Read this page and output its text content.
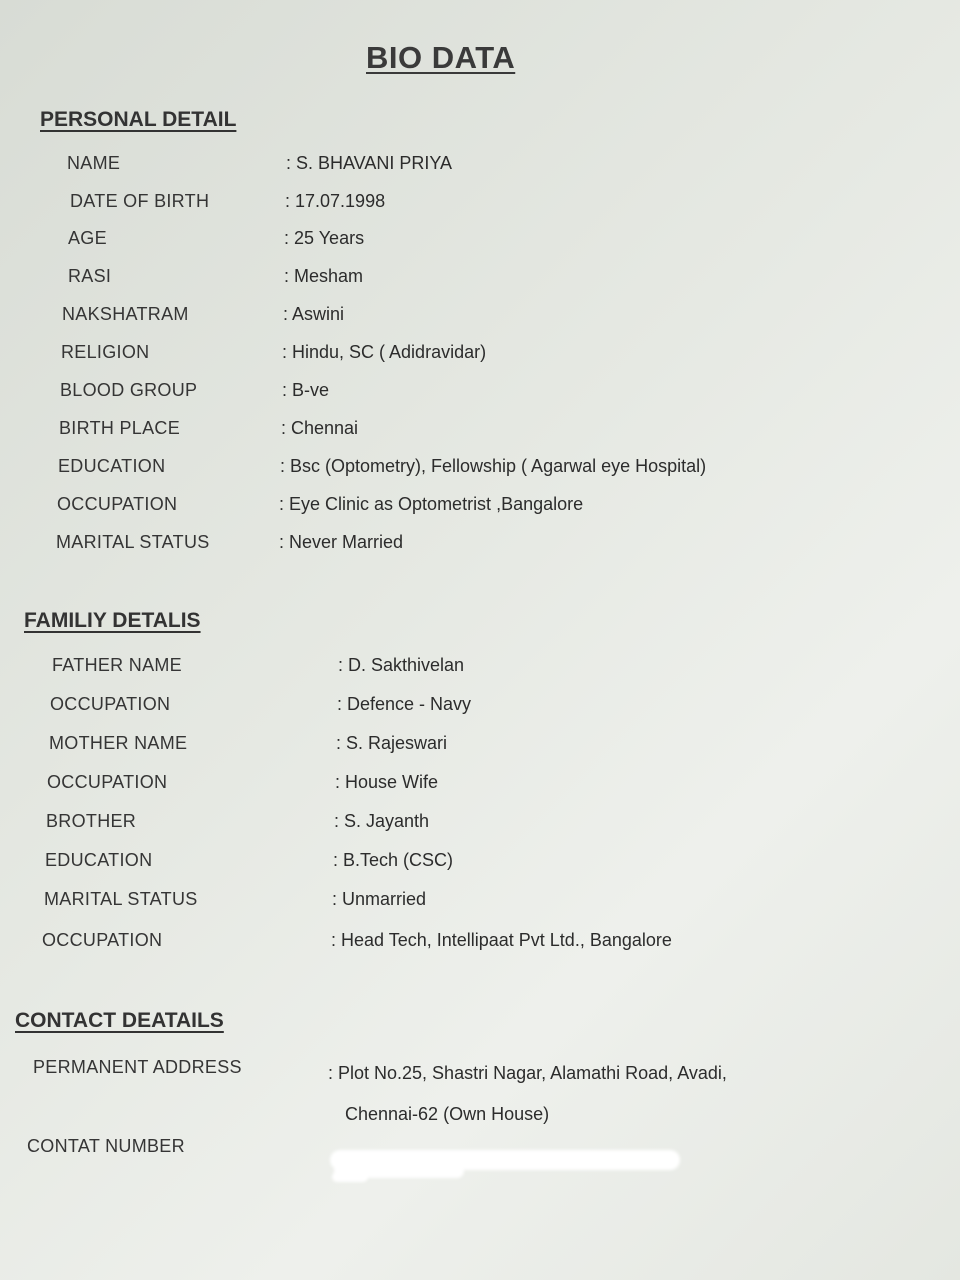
BIO DATA
PERSONAL DETAIL
NAME	: S. BHAVANI PRIYA
DATE OF BIRTH	: 17.07.1998
AGE	: 25 Years
RASI	: Mesham
NAKSHATRAM	: Aswini
RELIGION	: Hindu, SC ( Adidravidar)
BLOOD GROUP	: B-ve
BIRTH PLACE	: Chennai
EDUCATION	: Bsc (Optometry), Fellowship ( Agarwal eye Hospital)
OCCUPATION	: Eye Clinic as Optometrist ,Bangalore
MARITAL STATUS	: Never Married
FAMILIY DETALIS
FATHER NAME	: D. Sakthivelan
OCCUPATION	: Defence - Navy
MOTHER NAME	: S. Rajeswari
OCCUPATION	: House Wife
BROTHER	: S. Jayanth
EDUCATION	: B.Tech (CSC)
MARITAL STATUS	: Unmarried
OCCUPATION	: Head Tech, Intellipaat Pvt Ltd., Bangalore
CONTACT DEATAILS
PERMANENT ADDRESS	: Plot No.25, Shastri Nagar, Alamathi Road, Avadi,
Chennai-62 (Own House)
CONTAT NUMBER
